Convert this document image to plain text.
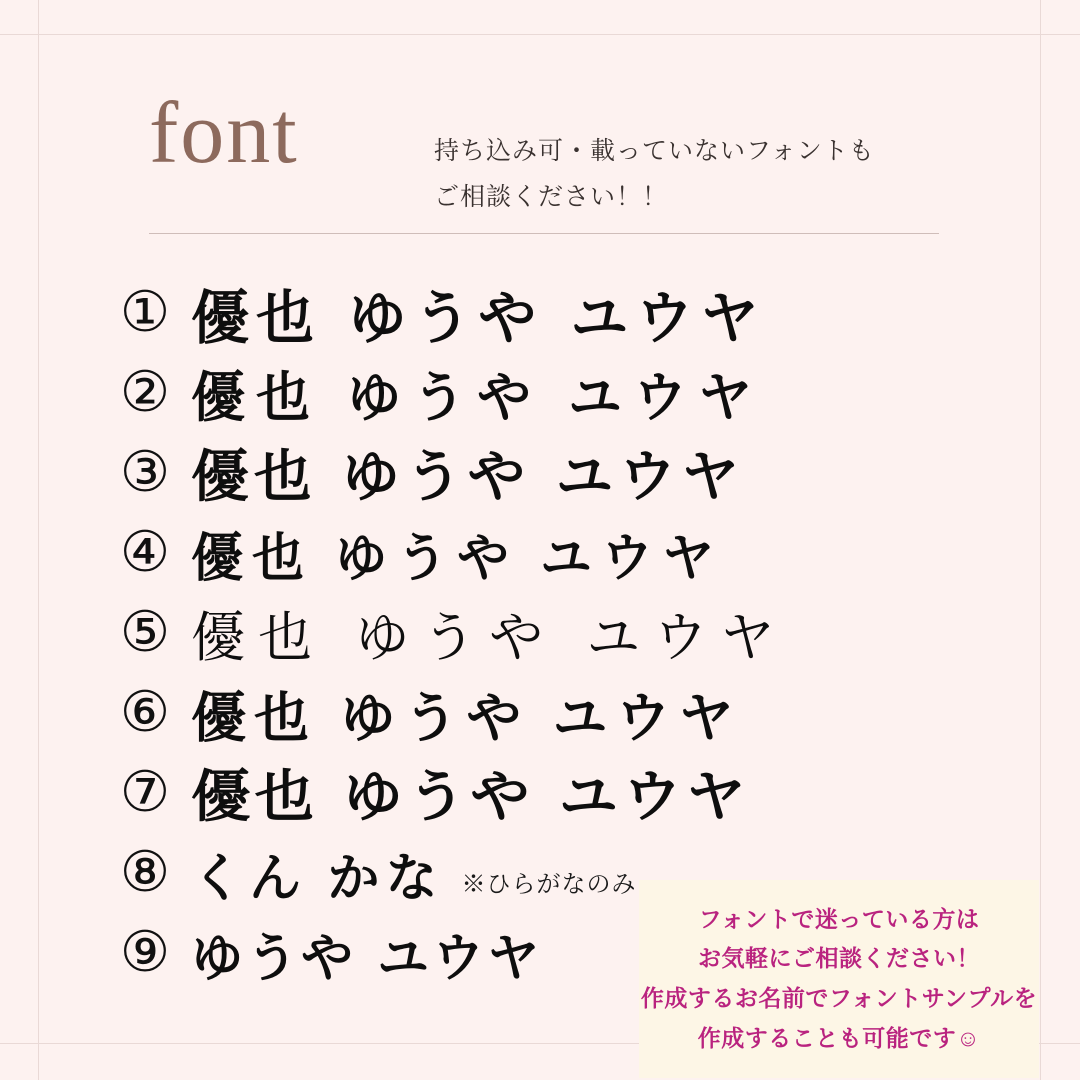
font	持ち込み可・載っていないフォントも
ご相談ください！！
① 優也 ゆうや ユウヤ
② 優也 ゆうや ユウヤ
③ 優也 ゆうや ユウヤ
④ 優也 ゆうや ユウヤ
⑤ 優也 ゆうや ユウヤ
⑥ 優也 ゆうや ユウヤ
⑦ 優也 ゆうや ユウヤ
⑧ くん かな ※ひらがなのみ
⑨ ゆうや ユウヤ
フォントで迷っている方は
お気軽にご相談ください！
作成するお名前でフォントサンプルを
作成することも可能です☺
